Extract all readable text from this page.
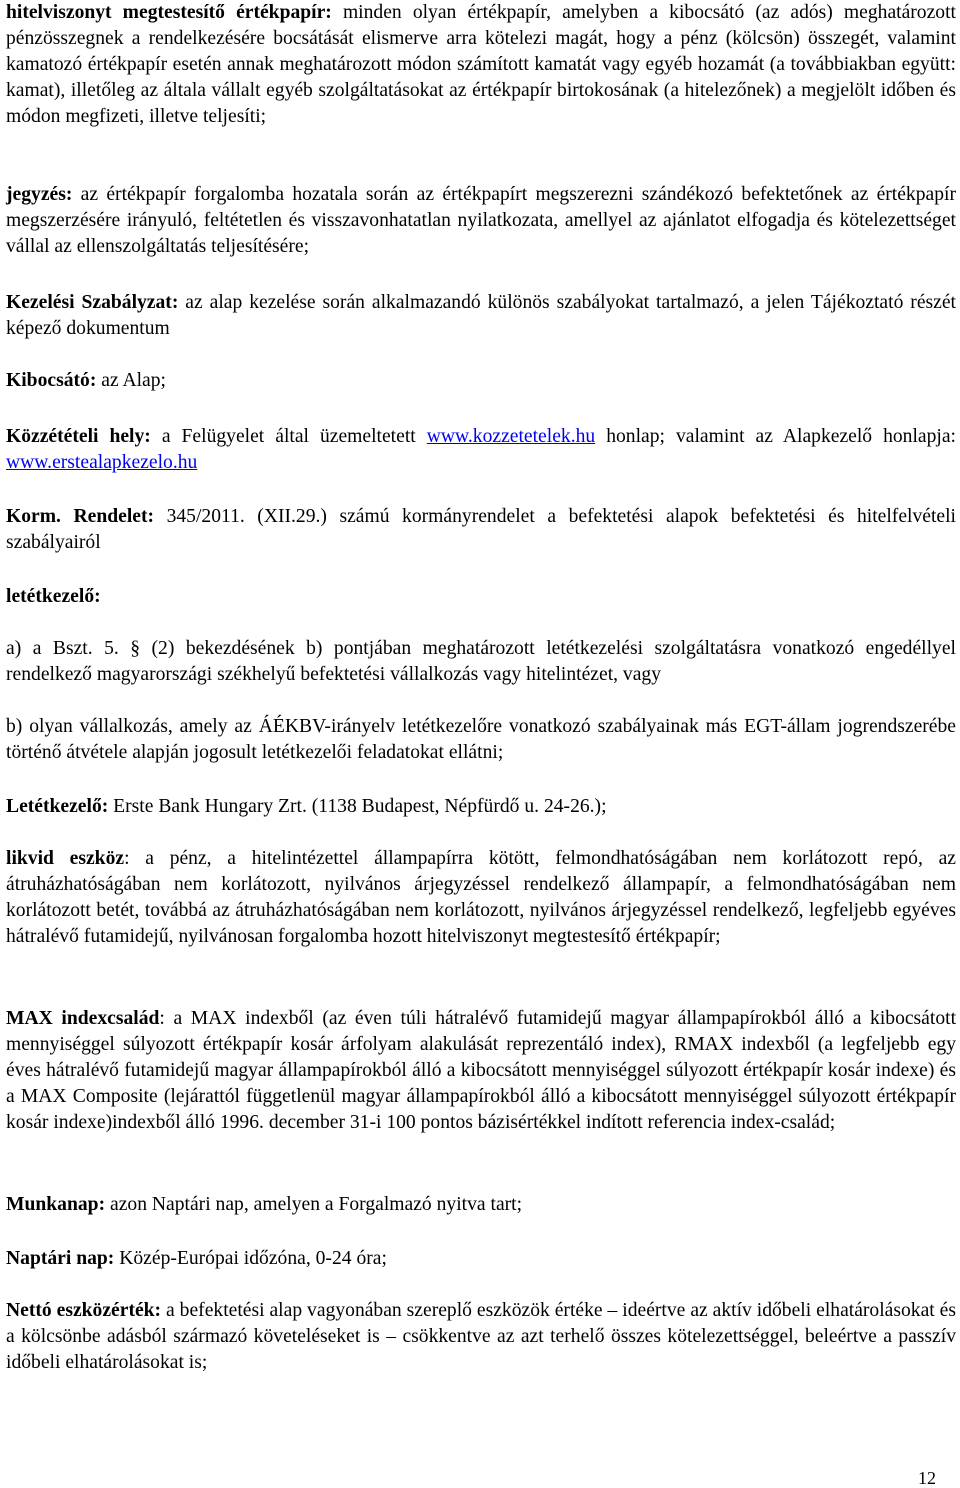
hitelviszonyt megtestesítő értékpapír: minden olyan értékpapír, amelyben a kibocsátó (az adós) meghatározott pénzösszegnek a rendelkezésére bocsátását elismerve arra kötelezi magát, hogy a pénz (kölcsön) összegét, valamint kamatozó értékpapír esetén annak meghatározott módon számított kamatát vagy egyéb hozamát (a továbbiakban együtt: kamat), illetőleg az általa vállalt egyéb szolgáltatásokat az értékpapír birtokosának (a hitelezőnek) a megjelölt időben és módon megfizeti, illetve teljesíti;

jegyzés: az értékpapír forgalomba hozatala során az értékpapírt megszerezni szándékozó befektetőnek az értékpapír megszerzésére irányuló, feltétetlen és visszavonhatatlan nyilatkozata, amellyel az ajánlatot elfogadja és kötelezettséget vállal az ellenszolgáltatás teljesítésére;

Kezelési Szabályzat: az alap kezelése során alkalmazandó különös szabályokat tartalmazó, a jelen Tájékoztató részét képező dokumentum

Kibocsátó: az Alap;

Közzétételi hely: a Felügyelet által üzemeltetett www.kozzetetelek.hu honlap; valamint az Alapkezelő honlapja: www.erstealapkezelo.hu

Korm. Rendelet: 345/2011. (XII.29.) számú kormányrendelet a befektetési alapok befektetési és hitelfelvételi szabályairól

letétkezelő:

a) a Bszt. 5. § (2) bekezdésének b) pontjában meghatározott letétkezelési szolgáltatásra vonatkozó engedéllyel rendelkező magyarországi székhelyű befektetési vállalkozás vagy hitelintézet, vagy

b) olyan vállalkozás, amely az ÁÉKBV-irányelv letétkezelőre vonatkozó szabályainak más EGT-állam jogrendszerébe történő átvétele alapján jogosult letétkezelői feladatokat ellátni;

Letétkezelő: Erste Bank Hungary Zrt. (1138 Budapest, Népfürdő u. 24-26.);

likvid eszköz: a pénz, a hitelintézettel állampapírra kötött, felmondhatóságában nem korlátozott repó, az átruházhatóságában nem korlátozott, nyilvános árjegyzéssel rendelkező állampapír, a felmondhatóságában nem korlátozott betét, továbbá az átruházhatóságában nem korlátozott, nyilvános árjegyzéssel rendelkező, legfeljebb egyéves hátralévő futamidejű, nyilvánosan forgalomba hozott hitelviszonyt megtestesítő értékpapír;

MAX indexcsalád: a MAX indexből (az éven túli hátralévő futamidejű magyar állampapírokból álló a kibocsátott mennyiséggel súlyozott értékpapír kosár árfolyam alakulását reprezentáló index), RMAX indexből (a legfeljebb egy éves hátralévő futamidejű magyar állampapírokból álló a kibocsátott mennyiséggel súlyozott értékpapír kosár indexe) és a MAX Composite (lejárattól függetlenül magyar állampapírokból álló a kibocsátott mennyiséggel súlyozott értékpapír kosár indexe)indexből álló 1996. december 31-i 100 pontos bázisértékkel indított referencia index-család;

Munkanap: azon Naptári nap, amelyen a Forgalmazó nyitva tart;

Naptári nap: Közép-Európai időzóna, 0-24 óra;

Nettó eszközérték: a befektetési alap vagyonában szereplő eszközök értéke – ideértve az aktív időbeli elhatárolásokat és a kölcsönbe adásból származó követeléseket is – csökkentve az azt terhelő összes kötelezettséggel, beleértve a passzív időbeli elhatárolásokat is;

12
